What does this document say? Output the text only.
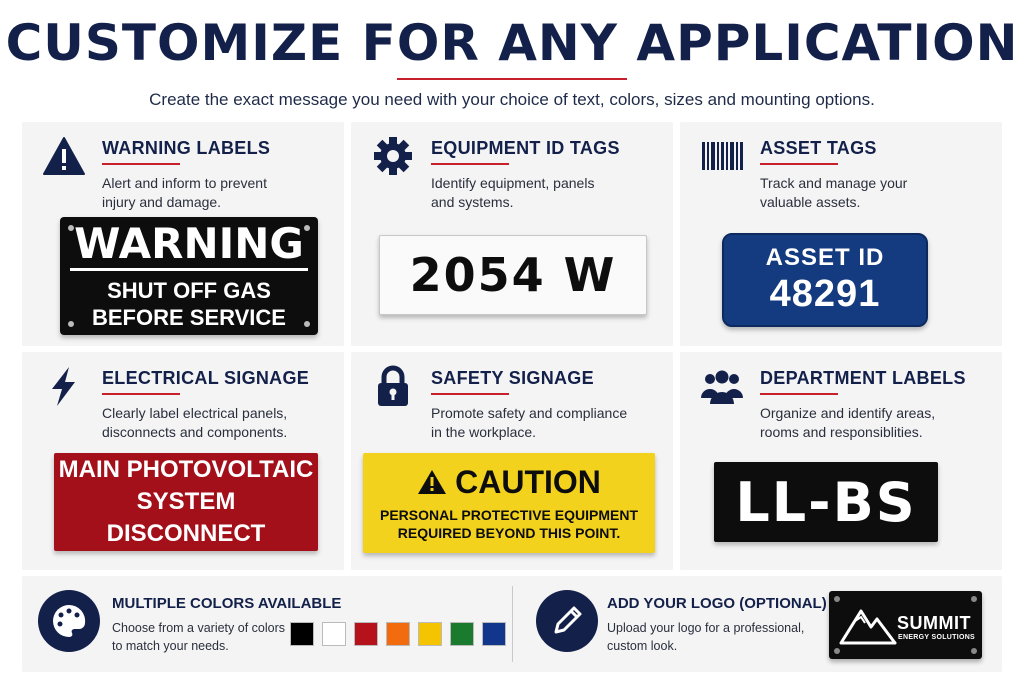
CUSTOMIZE FOR ANY APPLICATION
Create the exact message you need with your choice of text, colors, sizes and mounting options.
WARNING LABELS
Alert and inform to prevent
injury and damage.
WARNING
SHUT OFF GAS
BEFORE SERVICE
EQUIPMENT ID TAGS
Identify equipment, panels
and systems.
2054 W
ASSET TAGS
Track and manage your
valuable assets.
ASSET ID
48291
ELECTRICAL SIGNAGE
Clearly label electrical panels,
disconnects and components.
MAIN PHOTOVOLTAIC
SYSTEM DISCONNECT
SAFETY SIGNAGE
Promote safety and compliance
in the workplace.
CAUTION
PERSONAL PROTECTIVE EQUIPMENT
REQUIRED BEYOND THIS POINT.
DEPARTMENT LABELS
Organize and identify areas,
rooms and responsiblities.
LL-BS
MULTIPLE COLORS AVAILABLE
Choose from a variety of colors
to match your needs.
ADD YOUR LOGO (OPTIONAL)
Upload your logo for a professional,
custom look.
SUMMIT
ENERGY SOLUTIONS
